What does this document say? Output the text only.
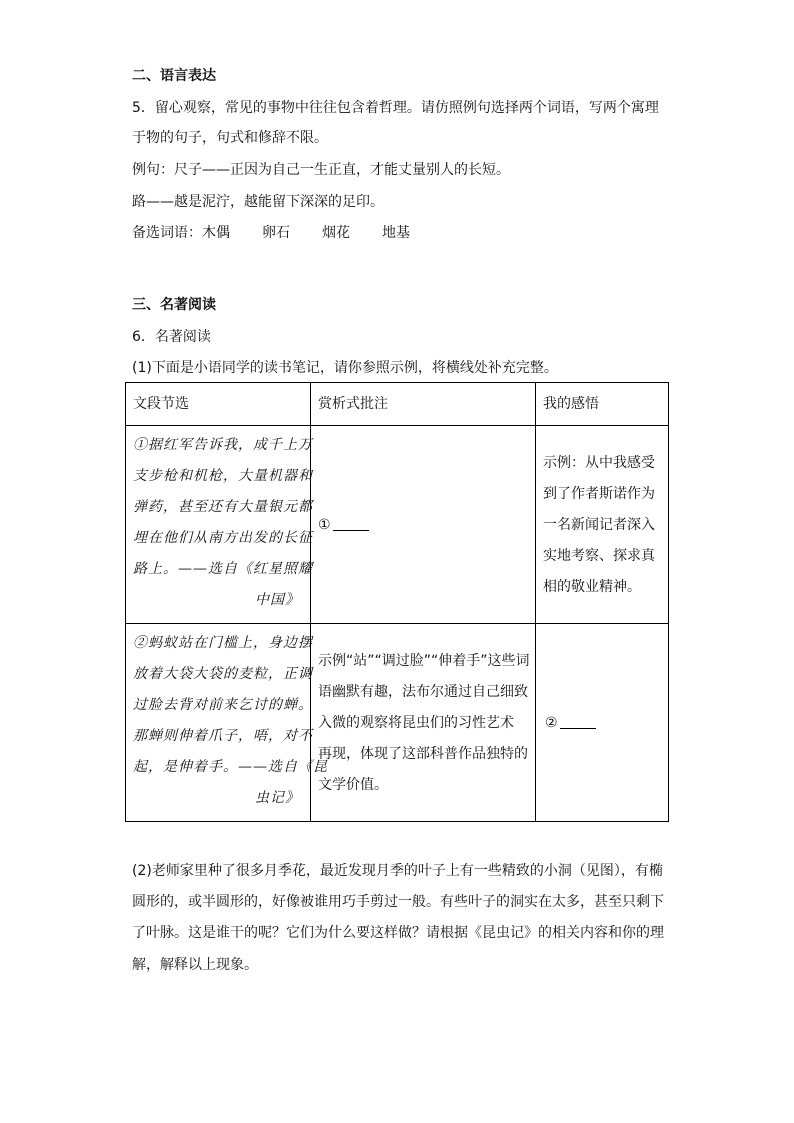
二、语言表达
5．留心观察，常见的事物中往往包含着哲理。请仿照例句选择两个词语，写两个寓理
于物的句子，句式和修辞不限。
例句：尺子——正因为自己一生正直，才能丈量别人的长短。
路——越是泥泞，越能留下深深的足印。
备选词语：木偶 卵石 烟花 地基
三、名著阅读
6．名著阅读
(1)下面是小语同学的读书笔记，请你参照示例，将横线处补充完整。
文段节选	赏析式批注	我的感悟
①据红军告诉我，成千上万
支步枪和机枪，大量机器和
弹药，甚至还有大量银元都
埋在他们从南方出发的长征
路上。——选自《红星照耀
中国》
①
示例：从中我感受
到了作者斯诺作为
一名新闻记者深入
实地考察、探求真
相的敬业精神。
②蚂蚁站在门槛上，身边摆
放着大袋大袋的麦粒，正调
过脸去背对前来乞讨的蝉。
那蝉则伸着爪子，唔，对不
起，是伸着手。——选自《昆
虫记》
示例“站”“调过脸”“伸着手”这些词
语幽默有趣，法布尔通过自己细致
入微的观察将昆虫们的习性艺术
再现，体现了这部科普作品独特的
文学价值。
②
(2)老师家里种了很多月季花，最近发现月季的叶子上有一些精致的小洞（见图），有椭
圆形的，或半圆形的，好像被谁用巧手剪过一般。有些叶子的洞实在太多，甚至只剩下
了叶脉。这是谁干的呢？它们为什么要这样做？请根据《昆虫记》的相关内容和你的理
解，解释以上现象。
